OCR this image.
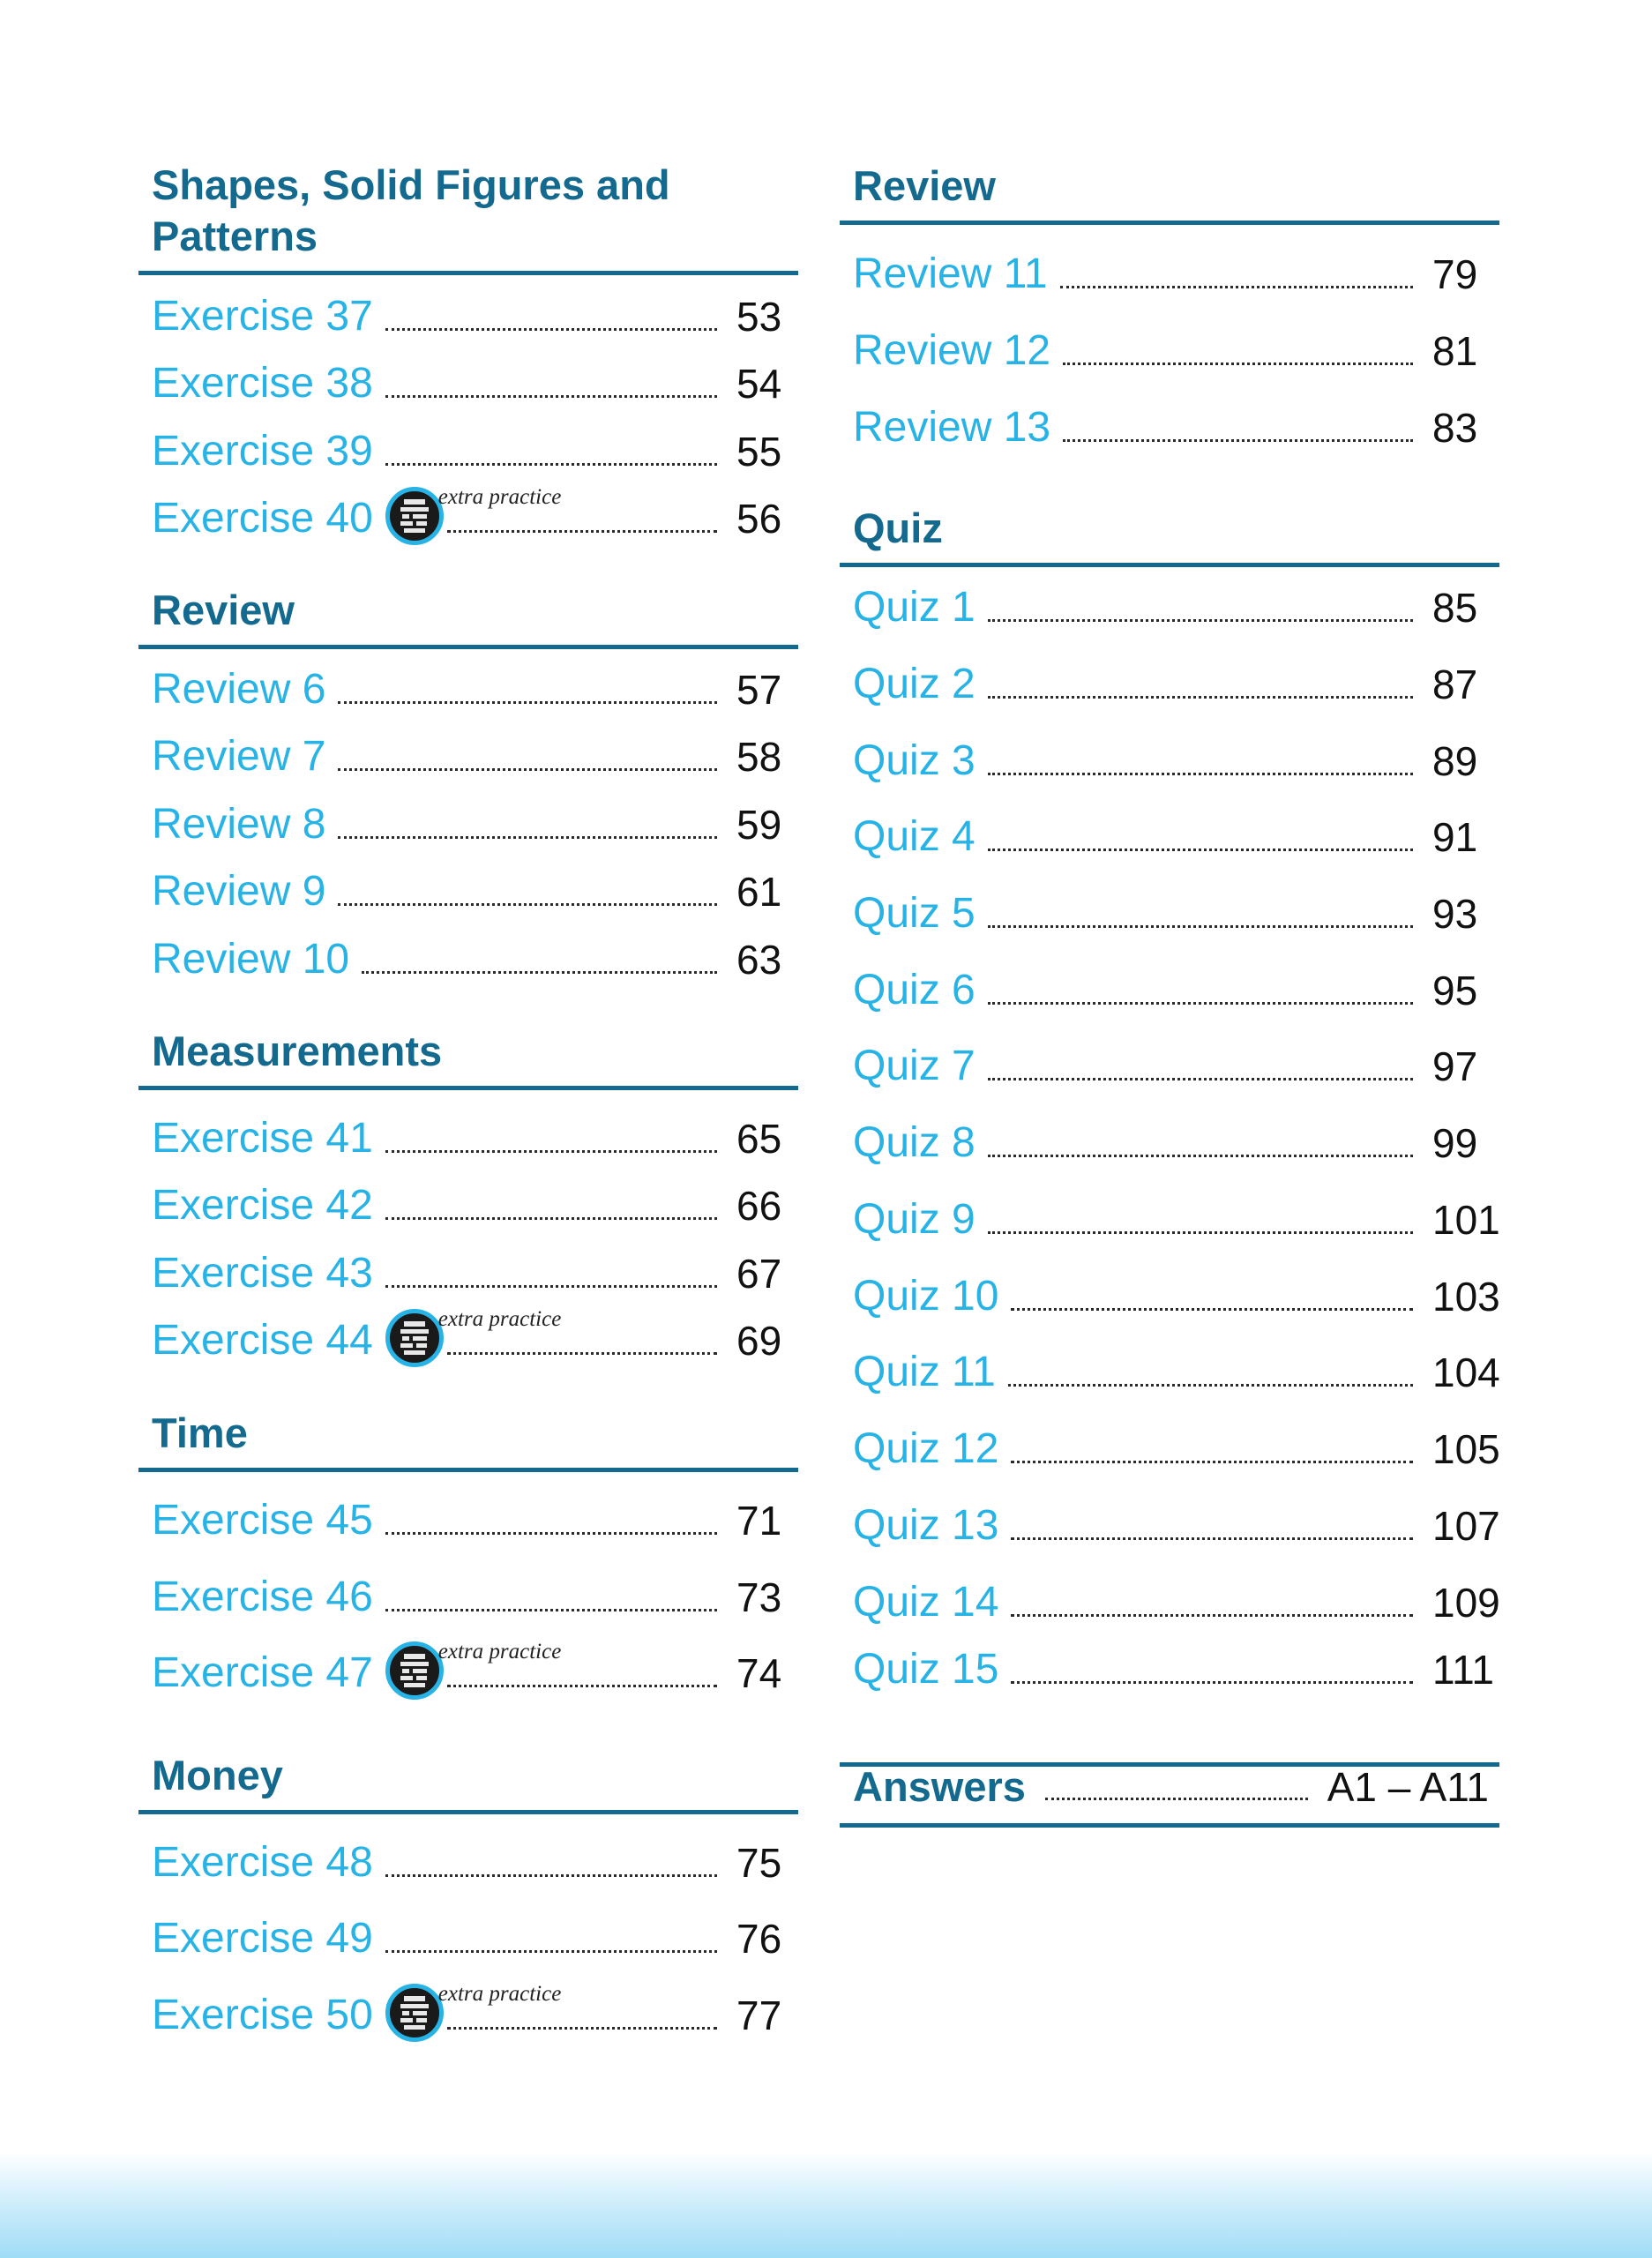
Shapes, Solid Figures and
Patterns
Exercise 37	53
Exercise 38	54
Exercise 39	55
Exercise 40	extra practice	56
Review
Review 6	57
Review 7	58
Review 8	59
Review 9	61
Review 10	63
Measurements
Exercise 41	65
Exercise 42	66
Exercise 43	67
Exercise 44	extra practice	69
Time
Exercise 45	71
Exercise 46	73
Exercise 47	extra practice	74
Money
Exercise 48	75
Exercise 49	76
Exercise 50	extra practice	77
Review
Review 11	79
Review 12	81
Review 13	83
Quiz
Quiz 1	85
Quiz 2	87
Quiz 3	89
Quiz 4	91
Quiz 5	93
Quiz 6	95
Quiz 7	97
Quiz 8	99
Quiz 9	101
Quiz 10	103
Quiz 11	104
Quiz 12	105
Quiz 13	107
Quiz 14	109
Quiz 15	111
Answers	A1 – A11
